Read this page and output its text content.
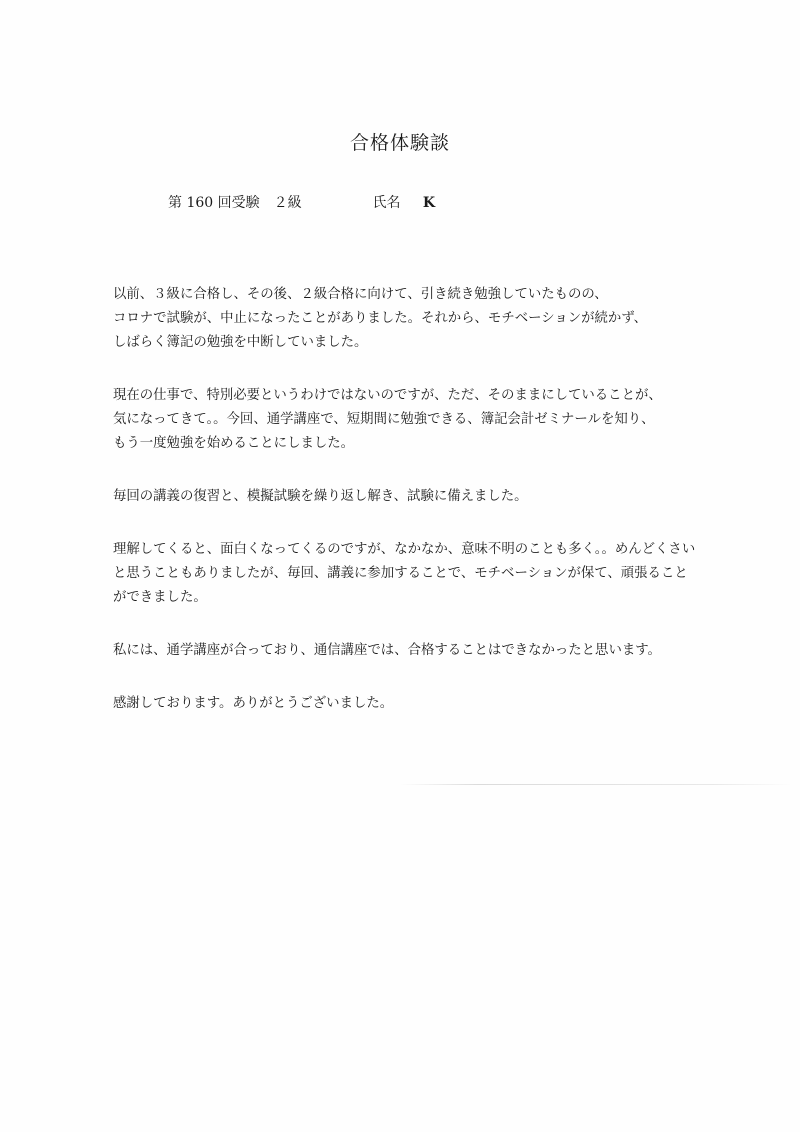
合格体験談
第 160 回受験　２級	氏名 K
以前、３級に合格し、その後、２級合格に向けて、引き続き勉強していたものの、
コロナで試験が、中止になったことがありました。それから、モチベーションが続かず、
しばらく簿記の勉強を中断していました。
現在の仕事で、特別必要というわけではないのですが、ただ、そのままにしていることが、
気になってきて。。今回、通学講座で、短期間に勉強できる、簿記会計ゼミナールを知り、
もう一度勉強を始めることにしました。
毎回の講義の復習と、模擬試験を繰り返し解き、試験に備えました。
理解してくると、面白くなってくるのですが、なかなか、意味不明のことも多く。。めんどくさい
と思うこともありましたが、毎回、講義に参加することで、モチベーションが保て、頑張ること
ができました。
私には、通学講座が合っており、通信講座では、合格することはできなかったと思います。
感謝しております。ありがとうございました。
